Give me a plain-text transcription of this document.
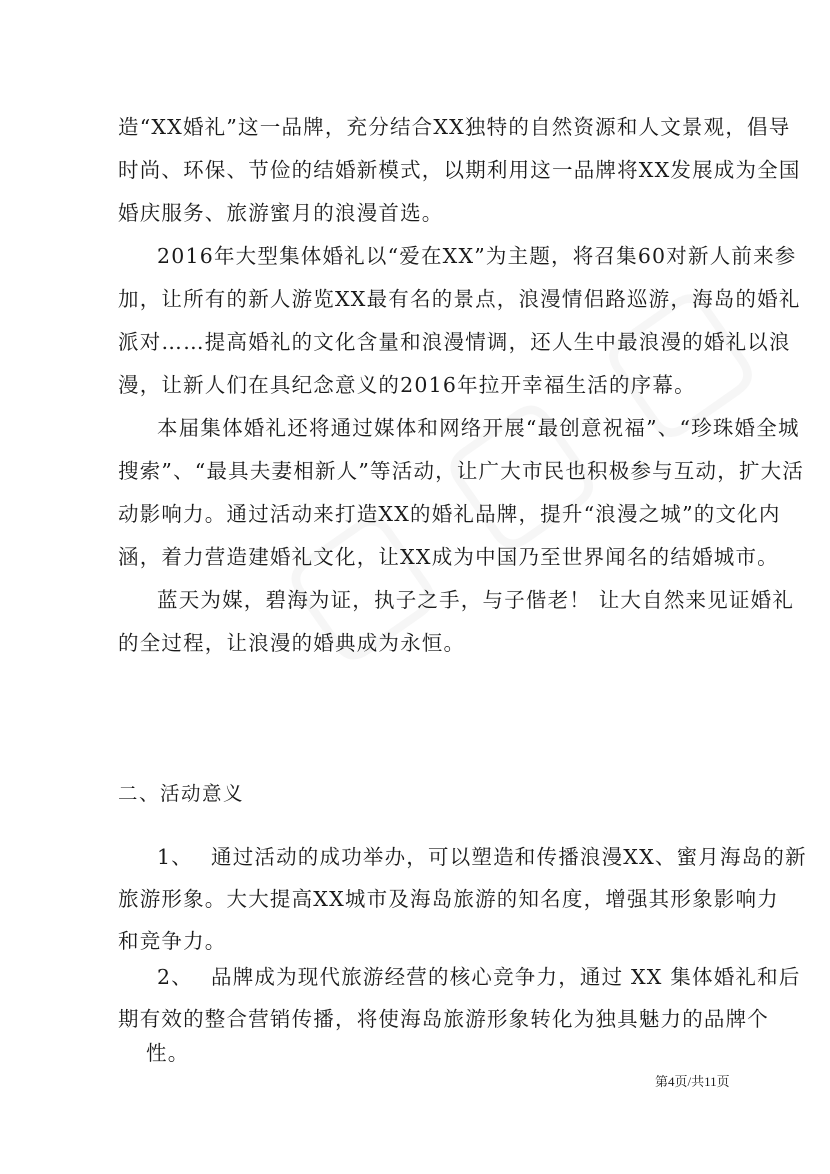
造“XX婚礼”这一品牌，充分结合XX独特的自然资源和人文景观，倡导
时尚、环保、节俭的结婚新模式，以期利用这一品牌将XX发展成为全国
婚庆服务、旅游蜜月的浪漫首选。
2016年大型集体婚礼以“爱在XX”为主题，将召集60对新人前来参
加，让所有的新人游览XX最有名的景点，浪漫情侣路巡游，海岛的婚礼
派对……提高婚礼的文化含量和浪漫情调，还人生中最浪漫的婚礼以浪
漫，让新人们在具纪念意义的2016年拉开幸福生活的序幕。
本届集体婚礼还将通过媒体和网络开展“最创意祝福”、“珍珠婚全城
搜索”、“最具夫妻相新人”等活动，让广大市民也积极参与互动，扩大活
动影响力。通过活动来打造XX的婚礼品牌，提升“浪漫之城”的文化内
涵，着力营造建婚礼文化，让XX成为中国乃至世界闻名的结婚城市。
蓝天为媒，碧海为证，执子之手，与子偕老！ 让大自然来见证婚礼
的全过程，让浪漫的婚典成为永恒。
二、活动意义
1、 通过活动的成功举办，可以塑造和传播浪漫XX、蜜月海岛的新
旅游形象。大大提高XX城市及海岛旅游的知名度，增强其形象影响力
和竞争力。
2、 品牌成为现代旅游经营的核心竞争力，通过 XX 集体婚礼和后
期有效的整合营销传播，将使海岛旅游形象转化为独具魅力的品牌个
性。
第4页/共11页
